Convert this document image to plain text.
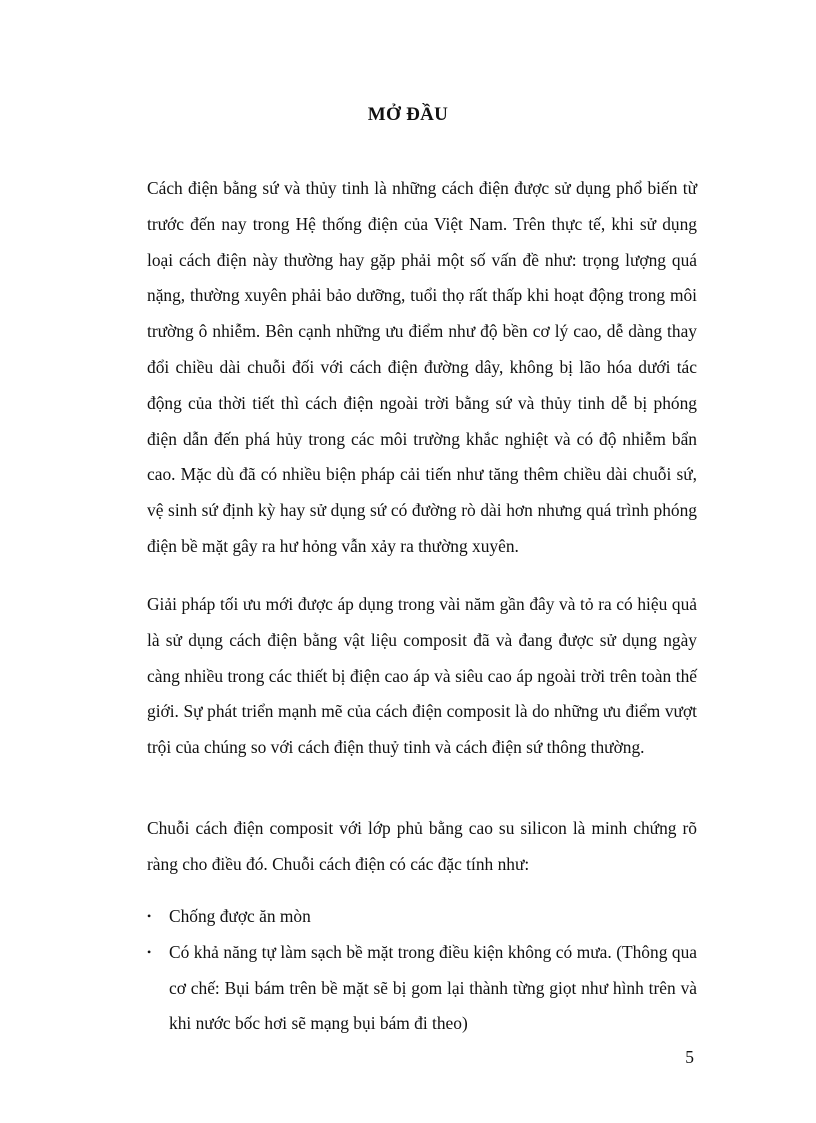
MỞ ĐẦU

Cách điện bằng sứ và thủy tinh là những cách điện được sử dụng phổ biến từ trước đến nay trong Hệ thống điện của Việt Nam. Trên thực tế, khi sử dụng loại cách điện này thường hay gặp phải một số vấn đề như: trọng lượng quá nặng, thường xuyên phải bảo dưỡng, tuổi thọ rất thấp khi hoạt động trong môi trường ô nhiễm. Bên cạnh những ưu điểm như độ bền cơ lý cao, dễ dàng thay đổi chiều dài chuỗi đối với cách điện đường dây, không bị lão hóa dưới tác động của thời tiết thì cách điện ngoài trời bằng sứ và thủy tinh dễ bị phóng điện dẫn đến phá hủy trong các môi trường khắc nghiệt và có độ nhiễm bẩn cao. Mặc dù đã có nhiều biện pháp cải tiến như tăng thêm chiều dài chuỗi sứ, vệ sinh sứ định kỳ hay sử dụng sứ có đường rò dài hơn nhưng quá trình phóng điện bề mặt gây ra hư hỏng vẫn xảy ra thường xuyên.

Giải pháp tối ưu mới được áp dụng trong vài năm gần đây và tỏ ra có hiệu quả là sử dụng cách điện bằng vật liệu composit đã và đang được sử dụng ngày càng nhiều trong các thiết bị điện cao áp và siêu cao áp ngoài trời trên toàn thế giới. Sự phát triển mạnh mẽ của cách điện composit là do những ưu điểm vượt trội của chúng so với cách điện thuỷ tinh và cách điện sứ thông thường.

Chuỗi cách điện composit với lớp phủ bằng cao su silicon là minh chứng rõ ràng cho điều đó. Chuỗi cách điện có các đặc tính như:

• Chống được ăn mòn
• Có khả năng tự làm sạch bề mặt trong điều kiện không có mưa. (Thông qua cơ chế: Bụi bám trên bề mặt sẽ bị gom lại thành từng giọt như hình trên và khi nước bốc hơi sẽ mạng bụi bám đi theo)
5
